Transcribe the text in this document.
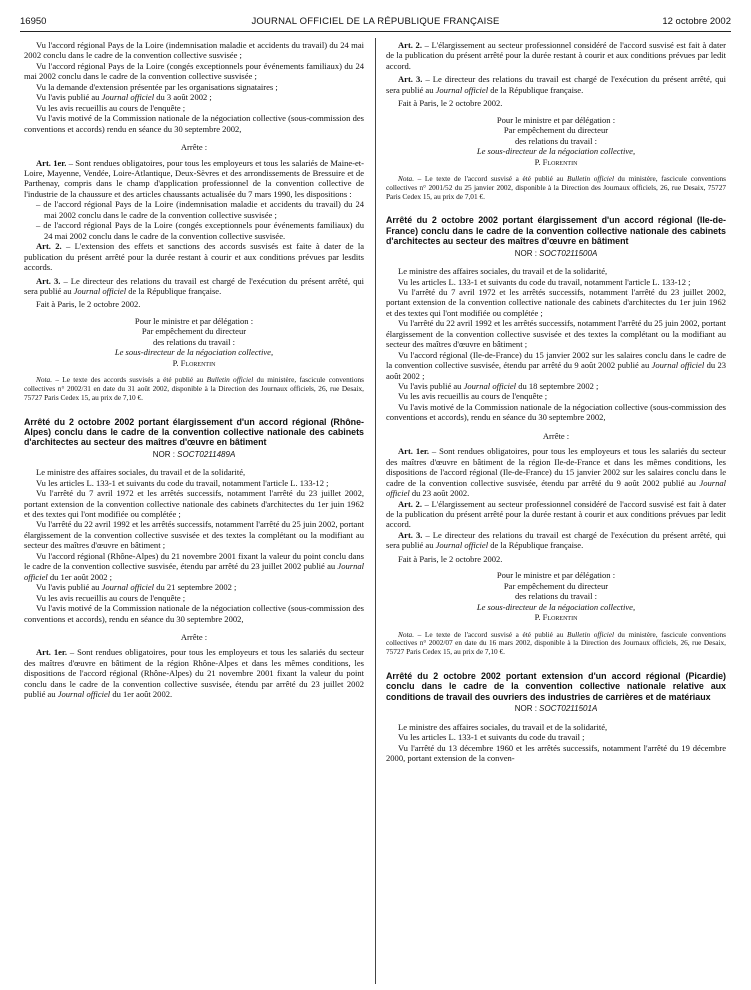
16950	JOURNAL OFFICIEL DE LA RÉPUBLIQUE FRANÇAISE	12 octobre 2002

Vu l'accord régional Pays de la Loire (indemnisation maladie et accidents du travail) du 24 mai 2002 conclu dans le cadre de la convention collective susvisée ;

Vu l'accord régional Pays de la Loire (congés exceptionnels pour événements familiaux) du 24 mai 2002 conclu dans le cadre de la convention collective susvisée ;

Vu la demande d'extension présentée par les organisations signataires ;

Vu l'avis publié au Journal officiel du 3 août 2002 ;

Vu les avis recueillis au cours de l'enquête ;

Vu l'avis motivé de la Commission nationale de la négociation collective (sous-commission des conventions et accords) rendu en séance du 30 septembre 2002,

Arrête :

Art. 1er. – Sont rendues obligatoires, pour tous les employeurs et tous les salariés de Maine-et-Loire, Mayenne, Vendée, Loire-Atlantique, Deux-Sèvres et des arrondissements de Bressuire et de Parthenay, compris dans le champ d'application professionnel de la convention collective de l'industrie de la chaussure et des articles chaussants actualisée du 7 mars 1990, les dispositions :

– de l'accord régional Pays de la Loire (indemnisation maladie et accidents du travail) du 24 mai 2002 conclu dans le cadre de la convention collective susvisée ;

– de l'accord régional Pays de la Loire (congés exceptionnels pour événements familiaux) du 24 mai 2002 conclu dans le cadre de la convention collective susvisée.

Art. 2. – L'extension des effets et sanctions des accords susvisés est faite à dater de la publication du présent arrêté pour la durée restant à courir et aux conditions prévues par lesdits accords.

Art. 3. – Le directeur des relations du travail est chargé de l'exécution du présent arrêté, qui sera publié au Journal officiel de la République française.

Fait à Paris, le 2 octobre 2002.

Pour le ministre et par délégation :
Par empêchement du directeur
des relations du travail :
Le sous-directeur de la négociation collective,
P. Florentin

Nota. – Le texte des accords susvisés a été publié au Bulletin officiel du ministère, fascicule conventions collectives n° 2002/31 en date du 31 août 2002, disponible à la Direction des Journaux officiels, 26, rue Desaix, 75727 Paris Cedex 15, au prix de 7,10 €.

Arrêté du 2 octobre 2002 portant élargissement d'un accord régional (Rhône-Alpes) conclu dans le cadre de la convention collective nationale des cabinets d'architectes au secteur des maîtres d'œuvre en bâtiment
NOR : SOCT0211489A

Le ministre des affaires sociales, du travail et de la solidarité,

Vu les articles L. 133-1 et suivants du code du travail, notamment l'article L. 133-12 ;

Vu l'arrêté du 7 avril 1972 et les arrêtés successifs, notamment l'arrêté du 23 juillet 2002, portant extension de la convention collective nationale des cabinets d'architectes du 1er juin 1962 et des textes qui l'ont modifiée ou complétée ;

Vu l'arrêté du 22 avril 1992 et les arrêtés successifs, notamment l'arrêté du 25 juin 2002, portant élargissement de la convention collective susvisée et des textes la complétant ou la modifiant au secteur des maîtres d'œuvre en bâtiment ;

Vu l'accord régional (Rhône-Alpes) du 21 novembre 2001 fixant la valeur du point conclu dans le cadre de la convention collective susvisée, étendu par arrêté du 23 juillet 2002 publié au Journal officiel du 1er août 2002 ;

Vu l'avis publié au Journal officiel du 21 septembre 2002 ;

Vu les avis recueillis au cours de l'enquête ;

Vu l'avis motivé de la Commission nationale de la négociation collective (sous-commission des conventions et accords), rendu en séance du 30 septembre 2002,

Arrête :

Art. 1er. – Sont rendues obligatoires, pour tous les employeurs et tous les salariés du secteur des maîtres d'œuvre en bâtiment de la région Rhône-Alpes et dans les mêmes conditions, les dispositions de l'accord régional (Rhône-Alpes) du 21 novembre 2001 fixant la valeur du point conclu dans le cadre de la convention collective susvisée, étendu par arrêté du 23 juillet 2002 publié au Journal officiel du 1er août 2002.

Art. 2. – L'élargissement au secteur professionnel considéré de l'accord susvisé est fait à dater de la publication du présent arrêté pour la durée restant à courir et aux conditions prévues par ledit accord.

Art. 3. – Le directeur des relations du travail est chargé de l'exécution du présent arrêté, qui sera publié au Journal officiel de la République française.

Fait à Paris, le 2 octobre 2002.

Pour le ministre et par délégation :
Par empêchement du directeur
des relations du travail :
Le sous-directeur de la négociation collective,
P. Florentin

Nota. – Le texte de l'accord susvisé a été publié au Bulletin officiel du ministère, fascicule conventions collectives n° 2001/52 du 25 janvier 2002, disponible à la Direction des Journaux officiels, 26, rue Desaix, 75727 Paris Cedex 15, au prix de 7,01 €.

Arrêté du 2 octobre 2002 portant élargissement d'un accord régional (Ile-de-France) conclu dans le cadre de la convention collective nationale des cabinets d'architectes au secteur des maîtres d'œuvre en bâtiment
NOR : SOCT0211500A

Le ministre des affaires sociales, du travail et de la solidarité,

Vu les articles L. 133-1 et suivants du code du travail, notamment l'article L. 133-12 ;

Vu l'arrêté du 7 avril 1972 et les arrêtés successifs, notamment l'arrêté du 23 juillet 2002, portant extension de la convention collective nationale des cabinets d'architectes du 1er juin 1962 et des textes qui l'ont modifiée ou complétée ;

Vu l'arrêté du 22 avril 1992 et les arrêtés successifs, notamment l'arrêté du 25 juin 2002, portant élargissement de la convention collective susvisée et des textes la complétant ou la modifiant au secteur des maîtres d'œuvre en bâtiment ;

Vu l'accord régional (Ile-de-France) du 15 janvier 2002 sur les salaires conclu dans le cadre de la convention collective susvisée, étendu par arrêté du 9 août 2002 publié au Journal officiel du 23 août 2002 ;

Vu l'avis publié au Journal officiel du 18 septembre 2002 ;

Vu les avis recueillis au cours de l'enquête ;

Vu l'avis motivé de la Commission nationale de la négociation collective (sous-commission des conventions et accords), rendu en séance du 30 septembre 2002,

Arrête :

Art. 1er. – Sont rendues obligatoires, pour tous les employeurs et tous les salariés du secteur des maîtres d'œuvre en bâtiment de la région Ile-de-France et dans les mêmes conditions, les dispositions de l'accord régional (Ile-de-France) du 15 janvier 2002 sur les salaires conclu dans le cadre de la convention collective susvisée, étendu par arrêté du 9 août 2002 publié au Journal officiel du 23 août 2002.

Art. 2. – L'élargissement au secteur professionnel considéré de l'accord susvisé est fait à dater de la publication du présent arrêté pour la durée restant à courir et aux conditions prévues par ledit accord.

Art. 3. – Le directeur des relations du travail est chargé de l'exécution du présent arrêté, qui sera publié au Journal officiel de la République française.

Fait à Paris, le 2 octobre 2002.

Pour le ministre et par délégation :
Par empêchement du directeur
des relations du travail :
Le sous-directeur de la négociation collective,
P. Florentin

Nota. – Le texte de l'accord susvisé a été publié au Bulletin officiel du ministère, fascicule conventions collectives n° 2002/07 en date du 16 mars 2002, disponible à la Direction des Journaux officiels, 26, rue Desaix, 75727 Paris Cedex 15, au prix de 7,10 €.

Arrêté du 2 octobre 2002 portant extension d'un accord régional (Picardie) conclu dans le cadre de la convention collective nationale relative aux conditions de travail des ouvriers des industries de carrières et de matériaux
NOR : SOCT0211501A

Le ministre des affaires sociales, du travail et de la solidarité,

Vu les articles L. 133-1 et suivants du code du travail ;

Vu l'arrêté du 13 décembre 1960 et les arrêtés successifs, notamment l'arrêté du 19 décembre 2000, portant extension de la conven-
